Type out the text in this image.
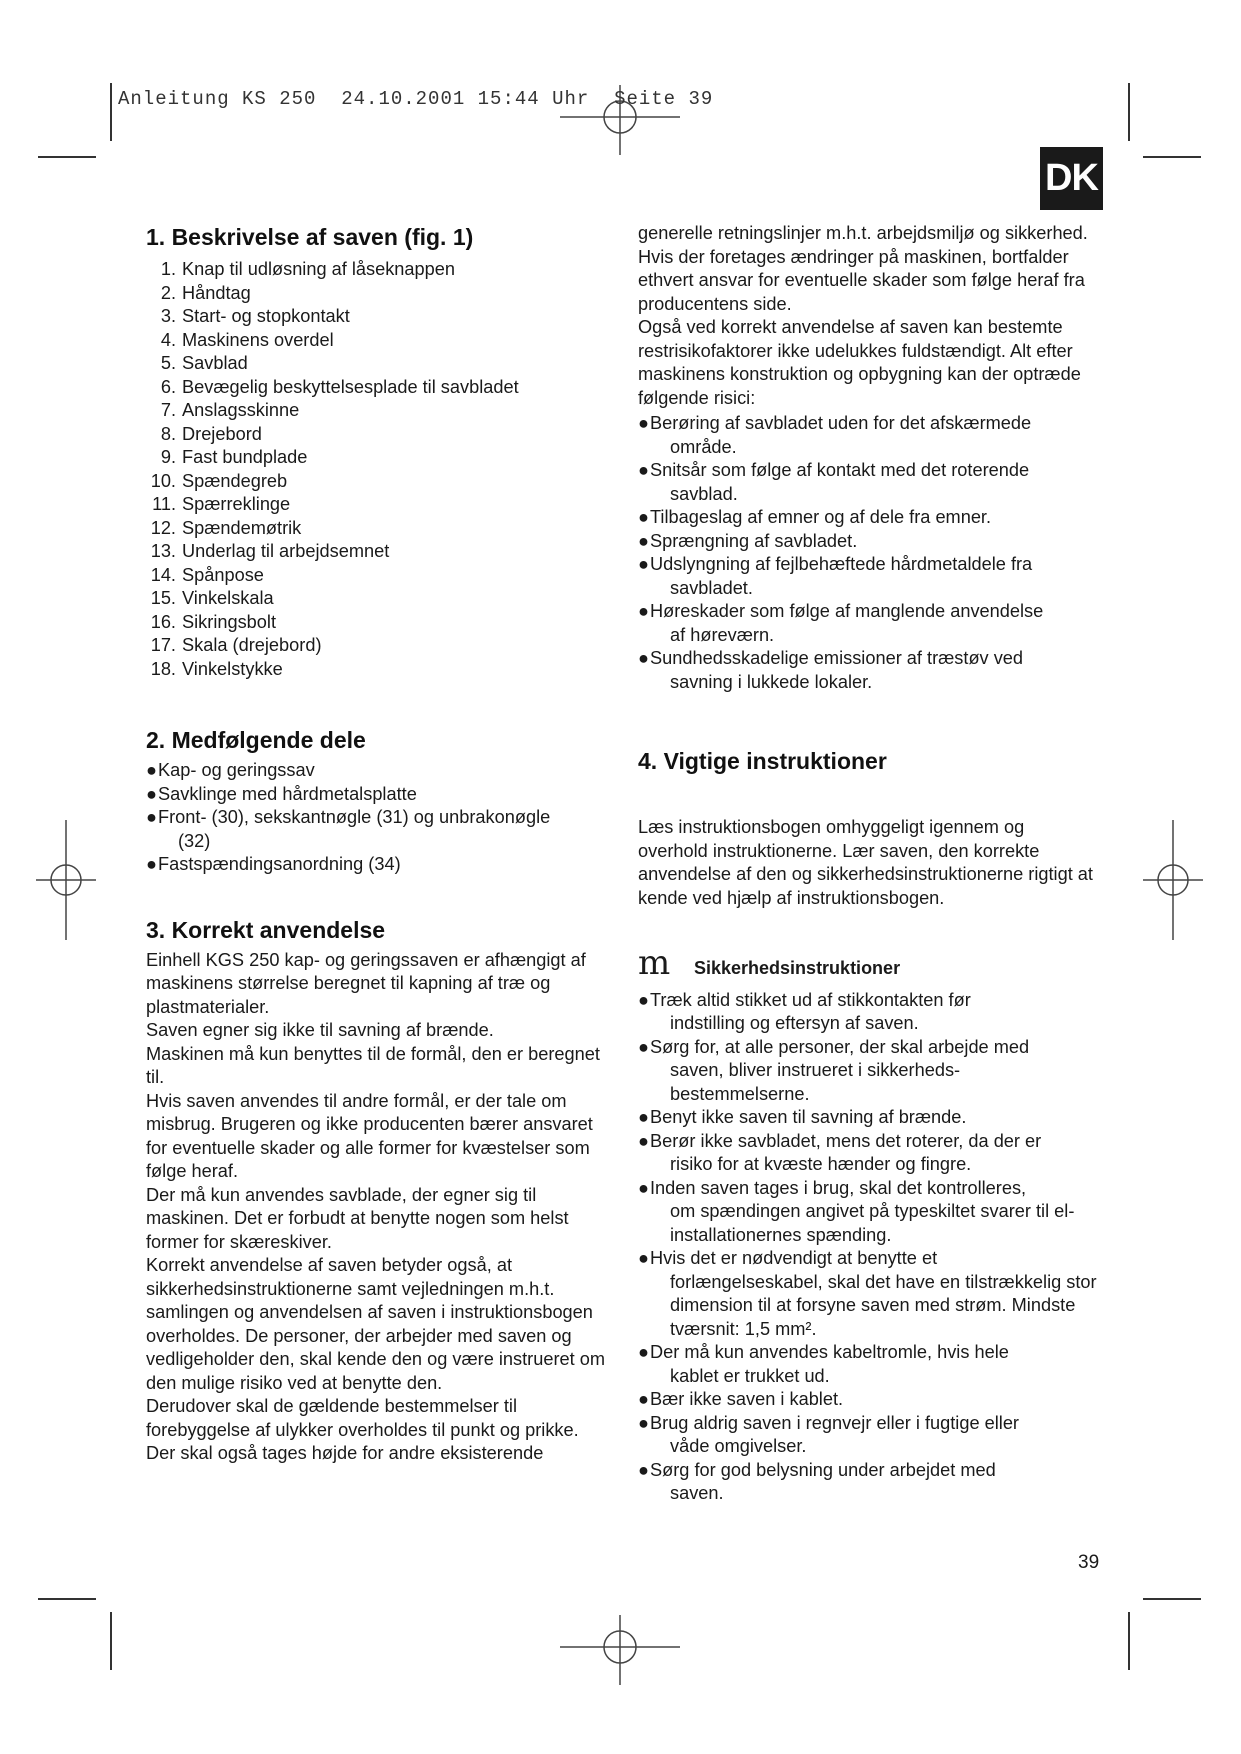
Anleitung KS 250  24.10.2001 15:44 Uhr  Seite 39
DK
1. Beskrivelse af saven (fig. 1)
1. Knap til udløsning af låseknappen
2. Håndtag
3. Start- og stopkontakt
4. Maskinens overdel
5. Savblad
6. Bevægelig beskyttelsesplade til savbladet
7. Anslagsskinne
8. Drejebord
9. Fast bundplade
10. Spændegreb
11. Spærreklinge
12. Spændemøtrik
13. Underlag til arbejdsemnet
14. Spånpose
15. Vinkelskala
16. Sikringsbolt
17. Skala (drejebord)
18. Vinkelstykke
2. Medfølgende dele
● Kap- og geringssav
● Savklinge med hårdmetalsplatte
● Front- (30), sekskantnøgle (31) og unbrakonøgle
(32)
● Fastspændingsanordning (34)
3. Korrekt anvendelse

Einhell KGS 250 kap- og geringssaven er afhængigt af maskinens størrelse beregnet til kapning af træ og plastmaterialer.

Saven egner sig ikke til savning af brænde.

Maskinen må kun benyttes til de formål, den er beregnet til.

Hvis saven anvendes til andre formål, er der tale om misbrug. Brugeren og ikke producenten bærer ansvaret for eventuelle skader og alle former for kvæstelser som følge heraf.

Der må kun anvendes savblade, der egner sig til maskinen. Det er forbudt at benytte nogen som helst former for skæreskiver.

Korrekt anvendelse af saven betyder også, at sikkerhedsinstruktionerne samt vejledningen m.h.t. samlingen og anvendelsen af saven i instruktionsbogen overholdes. De personer, der arbejder med saven og vedligeholder den, skal kende den og være instrueret om den mulige risiko ved at benytte den.

Derudover skal de gældende bestemmelser til forebyggelse af ulykker overholdes til punkt og prikke.

Der skal også tages højde for andre eksisterende

generelle retningslinjer m.h.t. arbejdsmiljø og sikkerhed.

Hvis der foretages ændringer på maskinen, bortfalder ethvert ansvar for eventuelle skader som følge heraf fra producentens side.

Også ved korrekt anvendelse af saven kan bestemte restrisikofaktorer ikke udelukkes fuldstændigt. Alt efter maskinens konstruktion og opbygning kan der optræde følgende risici:

● Berøring af savbladet uden for det afskærmede
område.
● Snitsår som følge af kontakt med det roterende
savblad.
● Tilbageslag af emner og af dele fra emner.
● Sprængning af savbladet.
● Udslyngning af fejlbehæftede hårdmetaldele fra
savbladet.
● Høreskader som følge af manglende anvendelse
af høreværn.
● Sundhedsskadelige emissioner af træstøv ved
savning i lukkede lokaler.
4. Vigtige instruktioner

Læs instruktionsbogen omhyggeligt igennem og overhold instruktionerne. Lær saven, den korrekte anvendelse af den og sikkerhedsinstruktionerne rigtigt at kende ved hjælp af instruktionsbogen.

m	Sikkerhedsinstruktioner
● Træk altid stikket ud af stikkontakten før
indstilling og eftersyn af saven.
● Sørg for, at alle personer, der skal arbejde med
saven, bliver instrueret i sikkerheds-bestemmelserne.
● Benyt ikke saven til savning af brænde.
● Berør ikke savbladet, mens det roterer, da der er
risiko for at kvæste hænder og fingre.
● Inden saven tages i brug, skal det kontrolleres,
om spændingen angivet på typeskiltet svarer til el-installationernes spænding.
● Hvis det er nødvendigt at benytte et
forlængelseskabel, skal det have en tilstrækkelig stor dimension til at forsyne saven med strøm. Mindste tværsnit: 1,5 mm².
● Der må kun anvendes kabeltromle, hvis hele
kablet er trukket ud.
● Bær ikke saven i kablet.
● Brug aldrig saven i regnvejr eller i fugtige eller
våde omgivelser.
● Sørg for god belysning under arbejdet med
saven.
39
